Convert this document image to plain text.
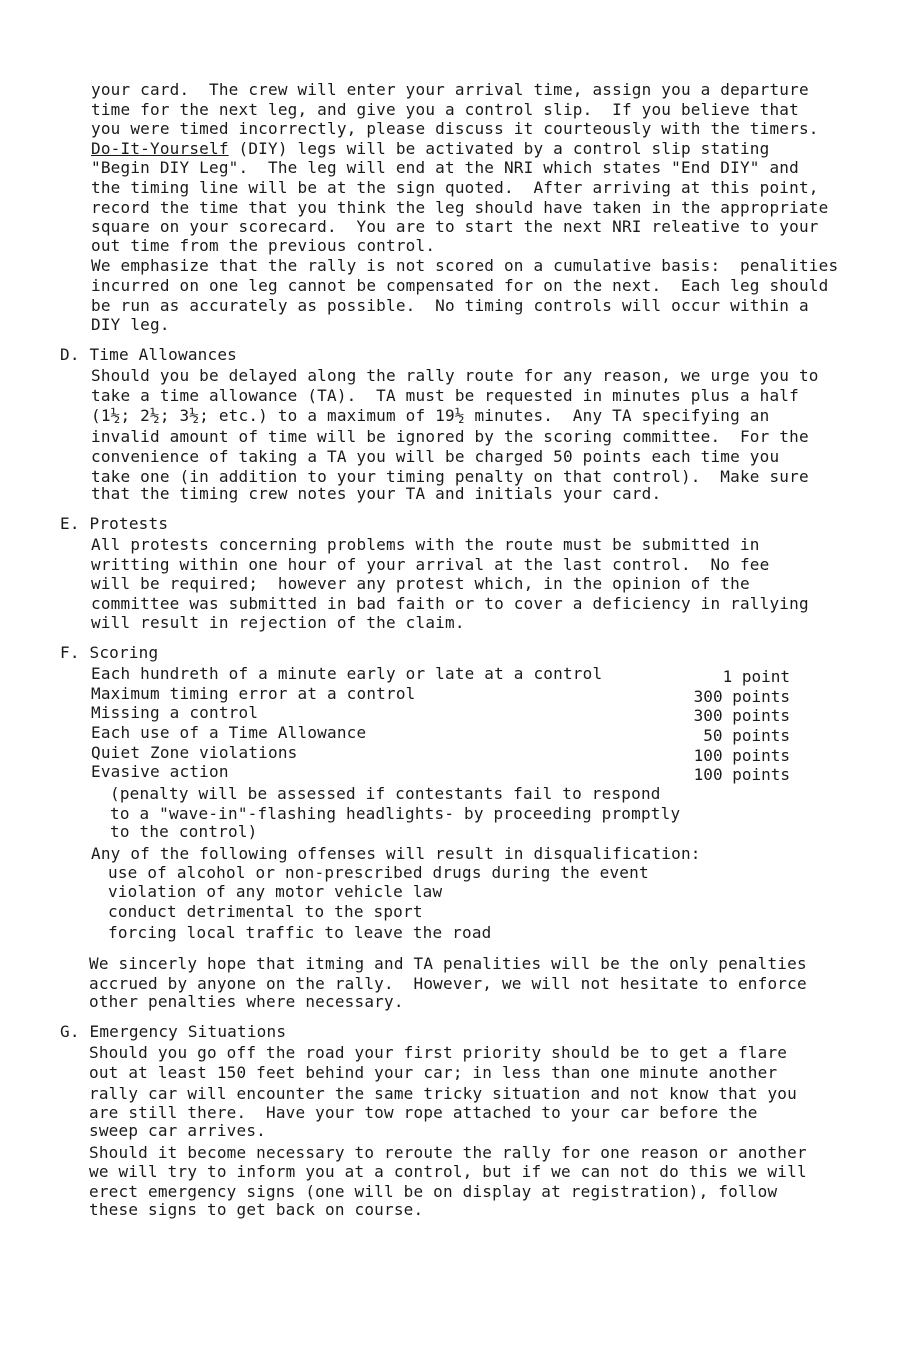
your card.  The crew will enter your arrival time, assign you a departure
time for the next leg, and give you a control slip.  If you believe that
you were timed incorrectly, please discuss it courteously with the timers.
Do-It-Yourself (DIY) legs will be activated by a control slip stating
"Begin DIY Leg".  The leg will end at the NRI which states "End DIY" and
the timing line will be at the sign quoted.  After arriving at this point,
record the time that you think the leg should have taken in the appropriate
square on your scorecard.  You are to start the next NRI releative to your
out time from the previous control.
We emphasize that the rally is not scored on a cumulative basis:  penalities
incurred on one leg cannot be compensated for on the next.  Each leg should
be run as accurately as possible.  No timing controls will occur within a
DIY leg.
D. Time Allowances
Should you be delayed along the rally route for any reason, we urge you to
take a time allowance (TA).  TA must be requested in minutes plus a half
(1½; 2½; 3½; etc.) to a maximum of 19½ minutes.  Any TA specifying an
invalid amount of time will be ignored by the scoring committee.  For the
convenience of taking a TA you will be charged 50 points each time you
take one (in addition to your timing penalty on that control).  Make sure
that the timing crew notes your TA and initials your card.
E. Protests
All protests concerning problems with the route must be submitted in
writting within one hour of your arrival at the last control.  No fee
will be required;  however any protest which, in the opinion of the
committee was submitted in bad faith or to cover a deficiency in rallying
will result in rejection of the claim.
F. Scoring
Each hundreth of a minute early or late at a control	1 point
Maximum timing error at a control	300 points
Missing a control	300 points
Each use of a Time Allowance	50 points
Quiet Zone violations	100 points
Evasive action	100 points
(penalty will be assessed if contestants fail to respond
to a "wave-in"-flashing headlights- by proceeding promptly
to the control)
Any of the following offenses will result in disqualification:
use of alcohol or non-prescribed drugs during the event
violation of any motor vehicle law
conduct detrimental to the sport
forcing local traffic to leave the road
We sincerly hope that itming and TA penalities will be the only penalties
accrued by anyone on the rally.  However, we will not hesitate to enforce
other penalties where necessary.
G. Emergency Situations
Should you go off the road your first priority should be to get a flare
out at least 150 feet behind your car; in less than one minute another
rally car will encounter the same tricky situation and not know that you
are still there.  Have your tow rope attached to your car before the
sweep car arrives.
Should it become necessary to reroute the rally for one reason or another
we will try to inform you at a control, but if we can not do this we will
erect emergency signs (one will be on display at registration), follow
these signs to get back on course.
